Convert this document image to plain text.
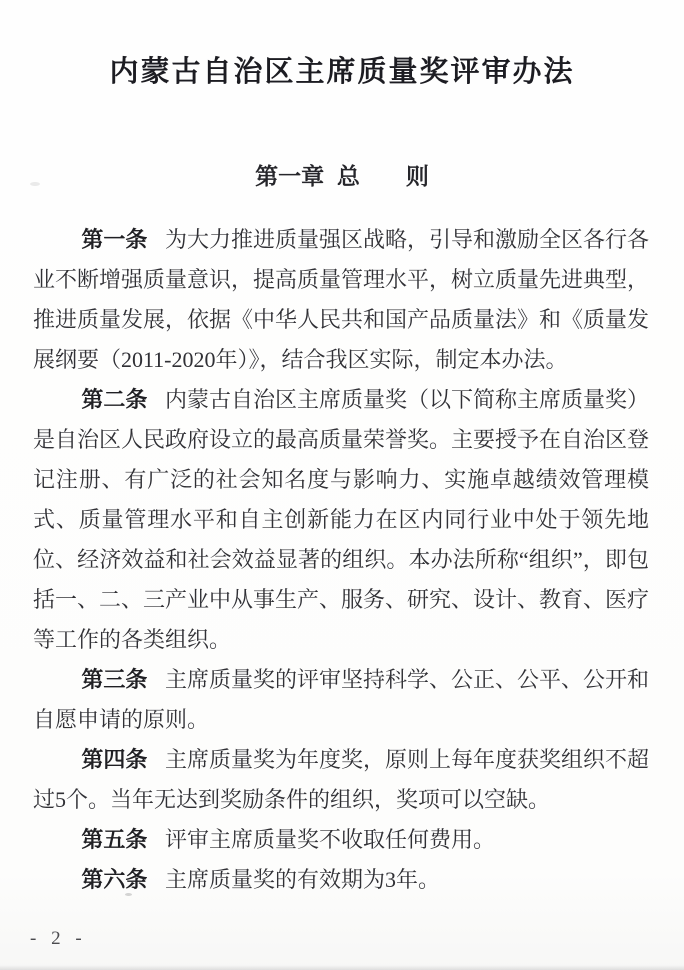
内蒙古自治区主席质量奖评审办法
第一章 总　　则

第一条 为大力推进质量强区战略，引导和激励全区各行各业不断增强质量意识，提高质量管理水平，树立质量先进典型，推进质量发展，依据《中华人民共和国产品质量法》和《质量发展纲要（2011-2020年）》，结合我区实际，制定本办法。

第二条 内蒙古自治区主席质量奖（以下简称主席质量奖）是自治区人民政府设立的最高质量荣誉奖。主要授予在自治区登记注册、有广泛的社会知名度与影响力、实施卓越绩效管理模式、质量管理水平和自主创新能力在区内同行业中处于领先地位、经济效益和社会效益显著的组织。本办法所称“组织”，即包括一、二、三产业中从事生产、服务、研究、设计、教育、医疗等工作的各类组织。

第三条 主席质量奖的评审坚持科学、公正、公平、公开和自愿申请的原则。

第四条 主席质量奖为年度奖，原则上每年度获奖组织不超过5个。当年无达到奖励条件的组织，奖项可以空缺。

第五条 评审主席质量奖不收取任何费用。

第六条 主席质量奖的有效期为3年。

- 2 -
